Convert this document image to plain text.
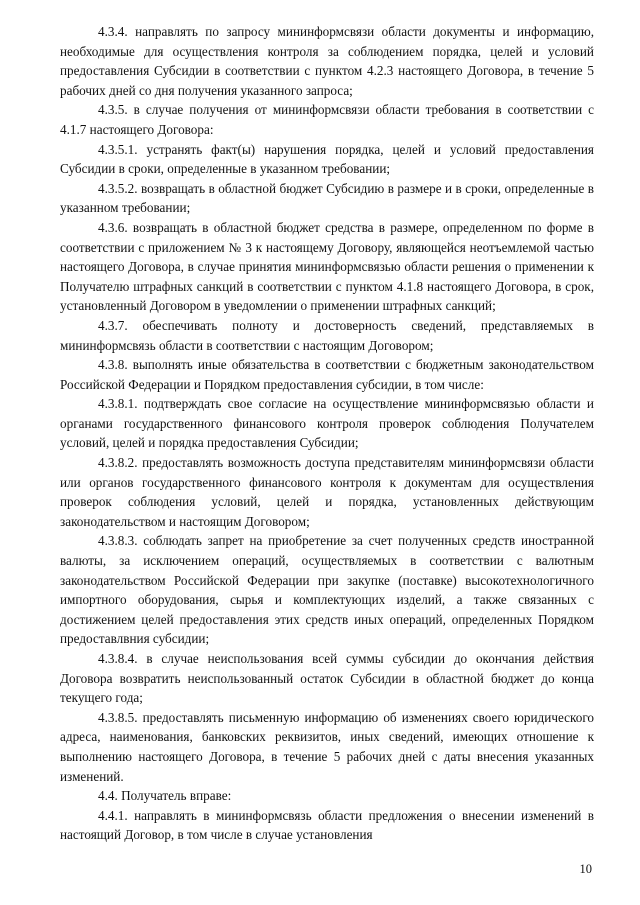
4.3.4. направлять по запросу мининформсвязи области документы и информацию, необходимые для осуществления контроля за соблюдением порядка, целей и условий предоставления Субсидии в соответствии с пунктом 4.2.3 настоящего Договора, в течение 5 рабочих дней со дня получения указанного запроса;

4.3.5. в случае получения от мининформсвязи области требования в соответствии с 4.1.7 настоящего Договора:

4.3.5.1. устранять факт(ы) нарушения порядка, целей и условий предоставления Субсидии в сроки, определенные в указанном требовании;

4.3.5.2. возвращать в областной бюджет Субсидию в размере и в сроки, определенные в указанном требовании;

4.3.6. возвращать в областной бюджет средства в размере, определенном по форме в соответствии с приложением № 3 к настоящему Договору, являющейся неотъемлемой частью настоящего Договора, в случае принятия мининформсвязью области решения о применении к Получателю штрафных санкций в соответствии с пунктом 4.1.8 настоящего Договора, в срок, установленный Договором в уведомлении о применении штрафных санкций;

4.3.7. обеспечивать полноту и достоверность сведений, представляемых в мининформсвязь области в соответствии с настоящим Договором;

4.3.8. выполнять иные обязательства в соответствии с бюджетным законодательством Российской Федерации и Порядком предоставления субсидии, в том числе:

4.3.8.1. подтверждать свое согласие на осуществление мининформсвязью области и органами государственного финансового контроля проверок соблюдения Получателем условий, целей и порядка предоставления Субсидии;

4.3.8.2. предоставлять возможность доступа представителям мининформсвязи области или органов государственного финансового контроля к документам для осуществления проверок соблюдения условий, целей и порядка, установленных действующим законодательством и настоящим Договором;

4.3.8.3. соблюдать запрет на приобретение за счет полученных средств иностранной валюты, за исключением операций, осуществляемых в соответствии с валютным законодательством Российской Федерации при закупке (поставке) высокотехнологичного импортного оборудования, сырья и комплектующих изделий, а также связанных с достижением целей предоставления этих средств иных операций, определенных Порядком предоставлвния субсидии;

4.3.8.4. в случае неиспользования всей суммы субсидии до окончания действия Договора возвратить неиспользованный остаток Субсидии в областной бюджет до конца текущего года;

4.3.8.5. предоставлять письменную информацию об изменениях своего юридического адреса, наименования, банковских реквизитов, иных сведений, имеющих отношение к выполнению настоящего Договора, в течение 5 рабочих дней с даты внесения указанных изменений.

4.4. Получатель вправе:

4.4.1. направлять в мининформсвязь области предложения о внесении изменений в настоящий Договор, в том числе в случае установления

10
